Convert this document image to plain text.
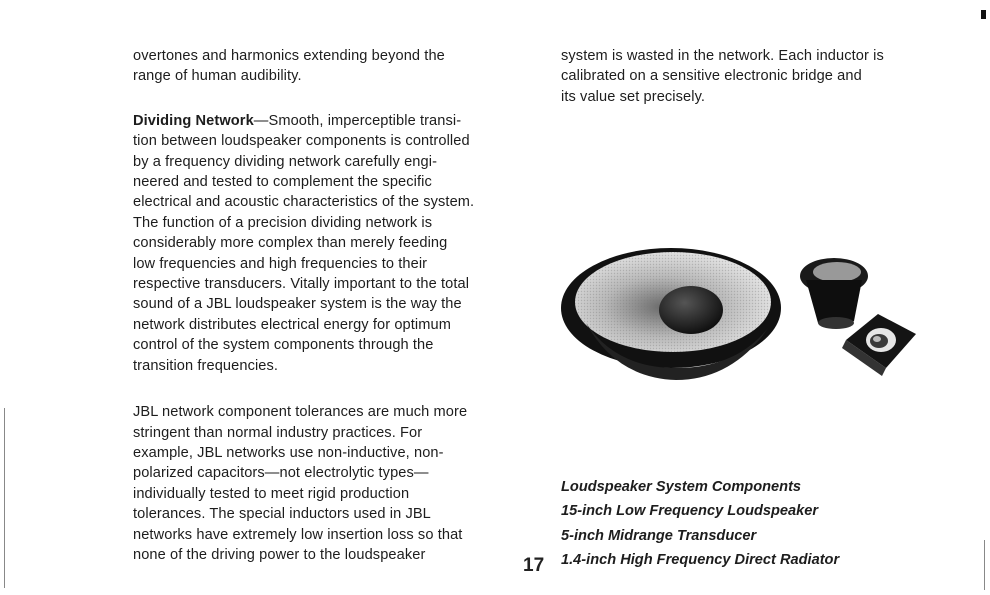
overtones and harmonics extending beyond the
range of human audibility.

Dividing Network—Smooth, imperceptible transi-
tion between loudspeaker components is controlled
by a frequency dividing network carefully engi-
neered and tested to complement the specific
electrical and acoustic characteristics of the system.
The function of a precision dividing network is
considerably more complex than merely feeding
low frequencies and high frequencies to their
respective transducers. Vitally important to the total
sound of a JBL loudspeaker system is the way the
network distributes electrical energy for optimum
control of the system components through the
transition frequencies.

JBL network component tolerances are much more
stringent than normal industry practices. For
example, JBL networks use non-inductive, non-
polarized capacitors—not electrolytic types—
individually tested to meet rigid production
tolerances. The special inductors used in JBL
networks have extremely low insertion loss so that
none of the driving power to the loudspeaker

system is wasted in the network. Each inductor is
calibrated on a sensitive electronic bridge and
its value set precisely.

Loudspeaker System Components
15-inch Low Frequency Loudspeaker
5-inch Midrange Transducer
1.4-inch High Frequency Direct Radiator
17
